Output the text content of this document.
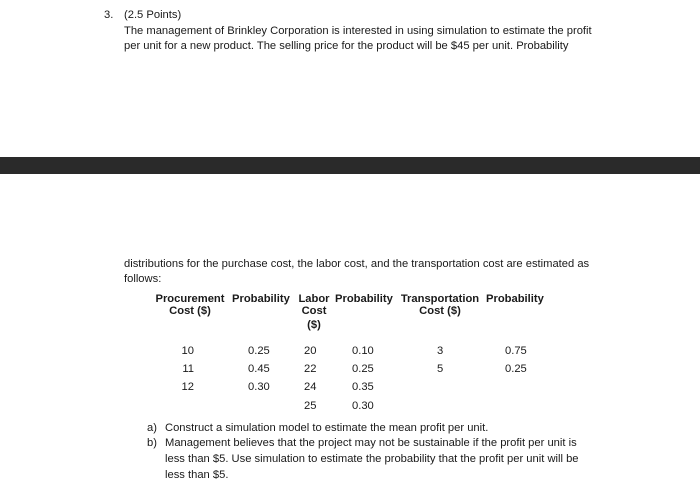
3. (2.5 Points)
The management of Brinkley Corporation is interested in using simulation to estimate the profit
per unit for a new product. The selling price for the product will be $45 per unit. Probability
distributions for the purchase cost, the labor cost, and the transportation cost are estimated as
follows:
Procurement
Cost ($)
Probability Labor
Cost
($)
Probability Transportation
Cost ($)
Probability
10
11
12
0.25
0.45
0.30
20
22
24
25
0.10
0.25
0.35
0.30
3
5
0.75
0.25
a) Construct a simulation model to estimate the mean profit per unit.
b) Management believes that the project may not be sustainable if the profit per unit is
less than $5. Use simulation to estimate the probability that the profit per unit will be
less than $5.
